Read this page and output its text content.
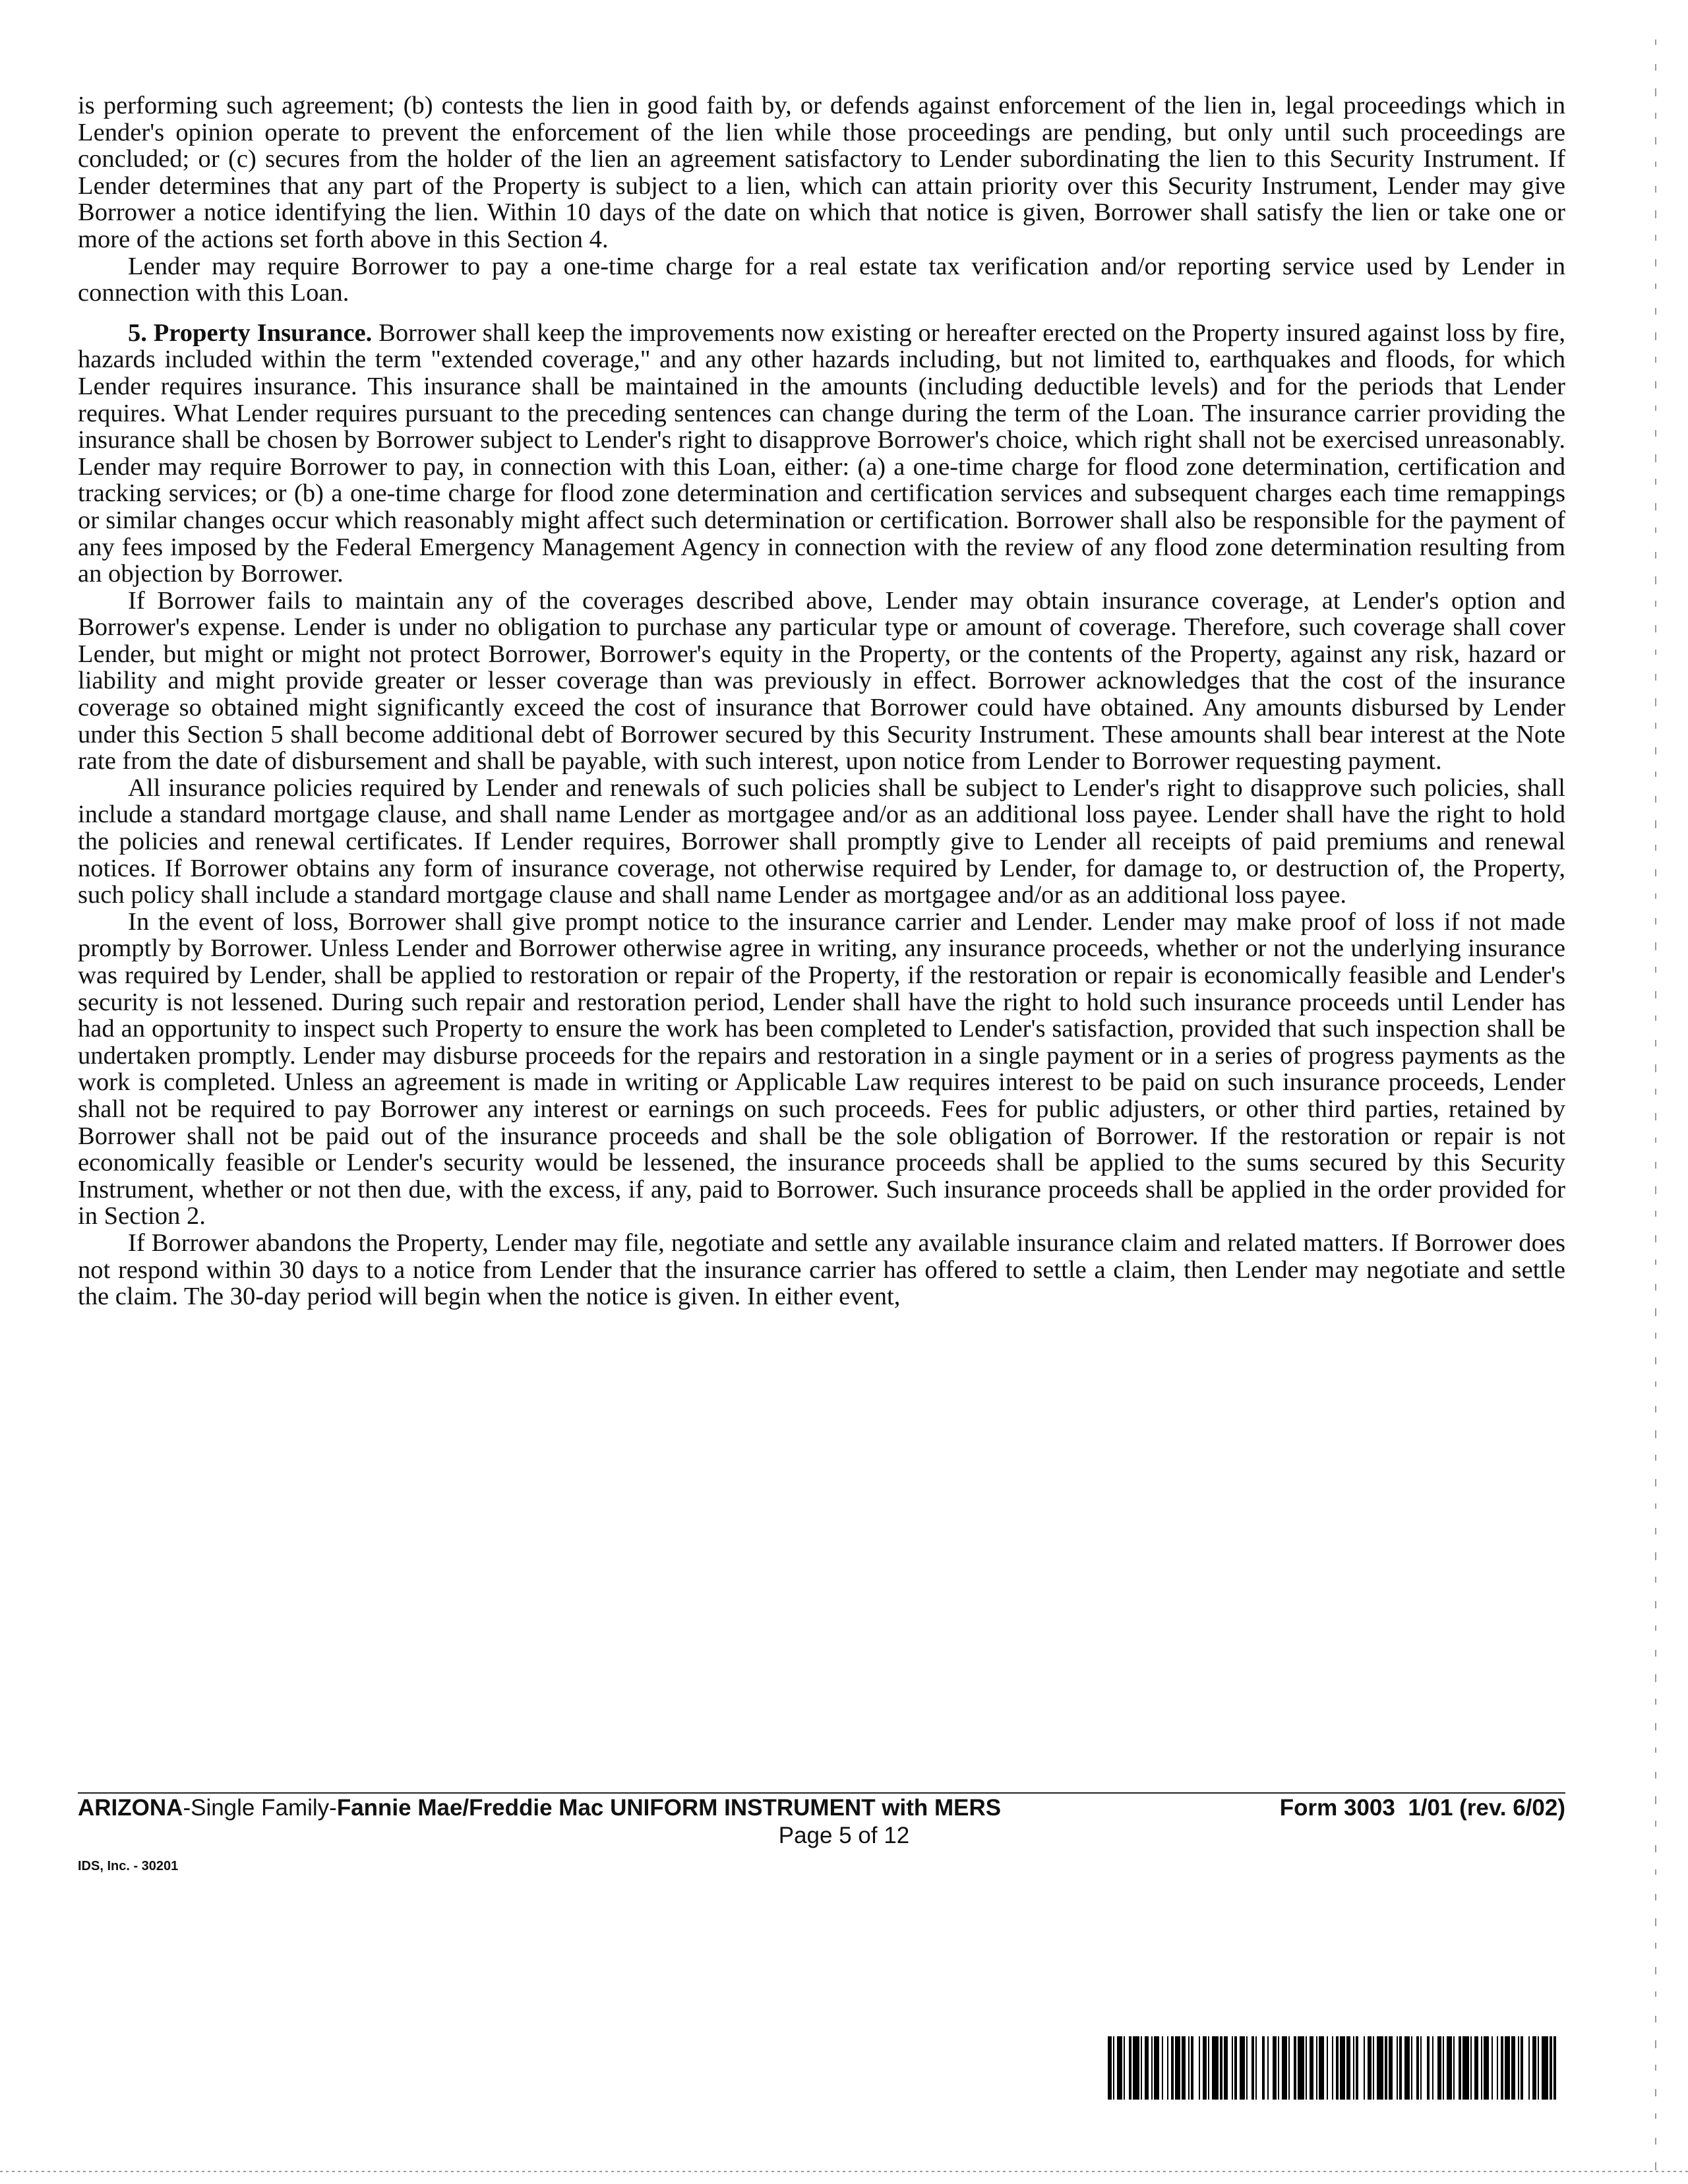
is performing such agreement; (b) contests the lien in good faith by, or defends against enforcement of the lien in, legal proceedings which in Lender's opinion operate to prevent the enforcement of the lien while those proceedings are pending, but only until such proceedings are concluded; or (c) secures from the holder of the lien an agreement satisfactory to Lender subordinating the lien to this Security Instrument. If Lender determines that any part of the Property is subject to a lien, which can attain priority over this Security Instrument, Lender may give Borrower a notice identifying the lien. Within 10 days of the date on which that notice is given, Borrower shall satisfy the lien or take one or more of the actions set forth above in this Section 4.

Lender may require Borrower to pay a one-time charge for a real estate tax verification and/or reporting service used by Lender in connection with this Loan.

5. Property Insurance. Borrower shall keep the improvements now existing or hereafter erected on the Property insured against loss by fire, hazards included within the term "extended coverage," and any other hazards including, but not limited to, earthquakes and floods, for which Lender requires insurance. This insurance shall be maintained in the amounts (including deductible levels) and for the periods that Lender requires. What Lender requires pursuant to the preceding sentences can change during the term of the Loan. The insurance carrier providing the insurance shall be chosen by Borrower subject to Lender's right to disapprove Borrower's choice, which right shall not be exercised unreasonably. Lender may require Borrower to pay, in connection with this Loan, either: (a) a one-time charge for flood zone determination, certification and tracking services; or (b) a one-time charge for flood zone determination and certification services and subsequent charges each time remappings or similar changes occur which reasonably might affect such determination or certification. Borrower shall also be responsible for the payment of any fees imposed by the Federal Emergency Management Agency in connection with the review of any flood zone determination resulting from an objection by Borrower.

If Borrower fails to maintain any of the coverages described above, Lender may obtain insurance coverage, at Lender's option and Borrower's expense. Lender is under no obligation to purchase any particular type or amount of coverage. Therefore, such coverage shall cover Lender, but might or might not protect Borrower, Borrower's equity in the Property, or the contents of the Property, against any risk, hazard or liability and might provide greater or lesser coverage than was previously in effect. Borrower acknowledges that the cost of the insurance coverage so obtained might significantly exceed the cost of insurance that Borrower could have obtained. Any amounts disbursed by Lender under this Section 5 shall become additional debt of Borrower secured by this Security Instrument. These amounts shall bear interest at the Note rate from the date of disbursement and shall be payable, with such interest, upon notice from Lender to Borrower requesting payment.

All insurance policies required by Lender and renewals of such policies shall be subject to Lender's right to disapprove such policies, shall include a standard mortgage clause, and shall name Lender as mortgagee and/or as an additional loss payee. Lender shall have the right to hold the policies and renewal certificates. If Lender requires, Borrower shall promptly give to Lender all receipts of paid premiums and renewal notices. If Borrower obtains any form of insurance coverage, not otherwise required by Lender, for damage to, or destruction of, the Property, such policy shall include a standard mortgage clause and shall name Lender as mortgagee and/or as an additional loss payee.

In the event of loss, Borrower shall give prompt notice to the insurance carrier and Lender. Lender may make proof of loss if not made promptly by Borrower. Unless Lender and Borrower otherwise agree in writing, any insurance proceeds, whether or not the underlying insurance was required by Lender, shall be applied to restoration or repair of the Property, if the restoration or repair is economically feasible and Lender's security is not lessened. During such repair and restoration period, Lender shall have the right to hold such insurance proceeds until Lender has had an opportunity to inspect such Property to ensure the work has been completed to Lender's satisfaction, provided that such inspection shall be undertaken promptly. Lender may disburse proceeds for the repairs and restoration in a single payment or in a series of progress payments as the work is completed. Unless an agreement is made in writing or Applicable Law requires interest to be paid on such insurance proceeds, Lender shall not be required to pay Borrower any interest or earnings on such proceeds. Fees for public adjusters, or other third parties, retained by Borrower shall not be paid out of the insurance proceeds and shall be the sole obligation of Borrower. If the restoration or repair is not economically feasible or Lender's security would be lessened, the insurance proceeds shall be applied to the sums secured by this Security Instrument, whether or not then due, with the excess, if any, paid to Borrower. Such insurance proceeds shall be applied in the order provided for in Section 2.

If Borrower abandons the Property, Lender may file, negotiate and settle any available insurance claim and related matters. If Borrower does not respond within 30 days to a notice from Lender that the insurance carrier has offered to settle a claim, then Lender may negotiate and settle the claim. The 30-day period will begin when the notice is given. In either event,

ARIZONA-Single Family-Fannie Mae/Freddie Mac UNIFORM INSTRUMENT with MERS	Form 3003  1/01 (rev. 6/02)
Page 5 of 12
IDS, Inc. - 30201
